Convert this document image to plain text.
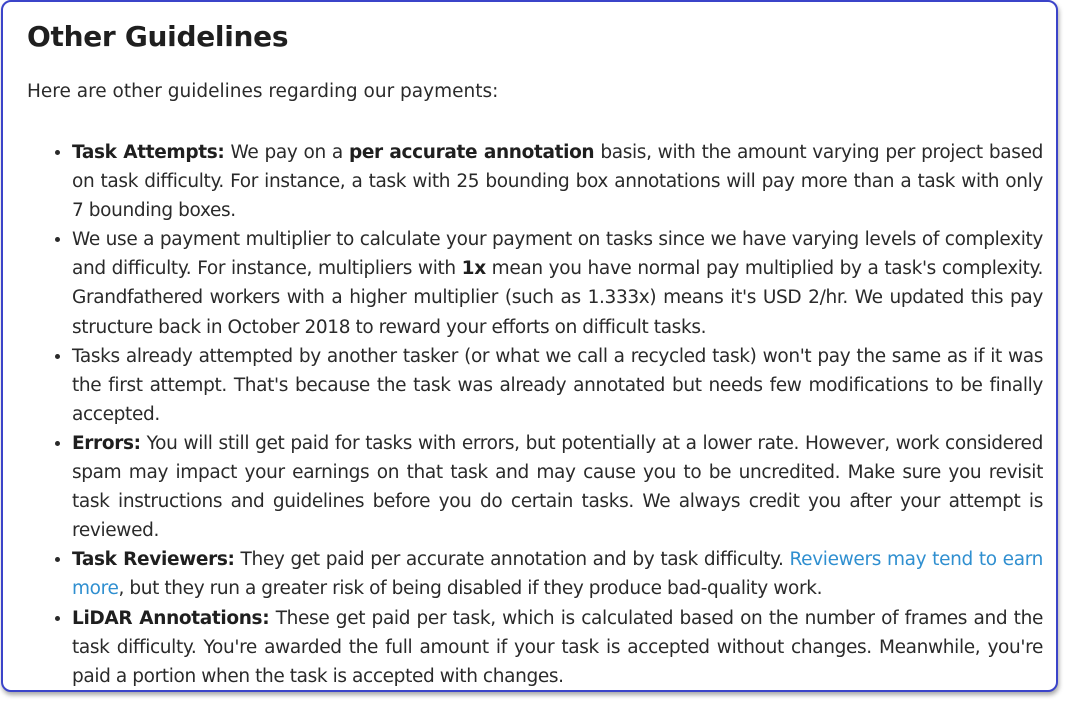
Other Guidelines

Here are other guidelines regarding our payments:

• Task Attempts: We pay on a per accurate annotation basis, with the amount varying per project based on task difficulty. For instance, a task with 25 bounding box annotations will pay more than a task with only 7 bounding boxes.
• We use a payment multiplier to calculate your payment on tasks since we have varying levels of complexity and difficulty. For instance, multipliers with 1x mean you have normal pay multiplied by a task's complexity. Grandfathered workers with a higher multiplier (such as 1.333x) means it's USD 2/hr. We updated this pay structure back in October 2018 to reward your efforts on difficult tasks.
• Tasks already attempted by another tasker (or what we call a recycled task) won't pay the same as if it was the first attempt. That's because the task was already annotated but needs few modifications to be finally accepted.
• Errors: You will still get paid for tasks with errors, but potentially at a lower rate. However, work considered spam may impact your earnings on that task and may cause you to be uncredited. Make sure you revisit task instructions and guidelines before you do certain tasks. We always credit you after your attempt is reviewed.
• Task Reviewers: They get paid per accurate annotation and by task difficulty. Reviewers may tend to earn more, but they run a greater risk of being disabled if they produce bad-quality work.
• LiDAR Annotations: These get paid per task, which is calculated based on the number of frames and the task difficulty. You're awarded the full amount if your task is accepted without changes. Meanwhile, you're paid a portion when the task is accepted with changes.
